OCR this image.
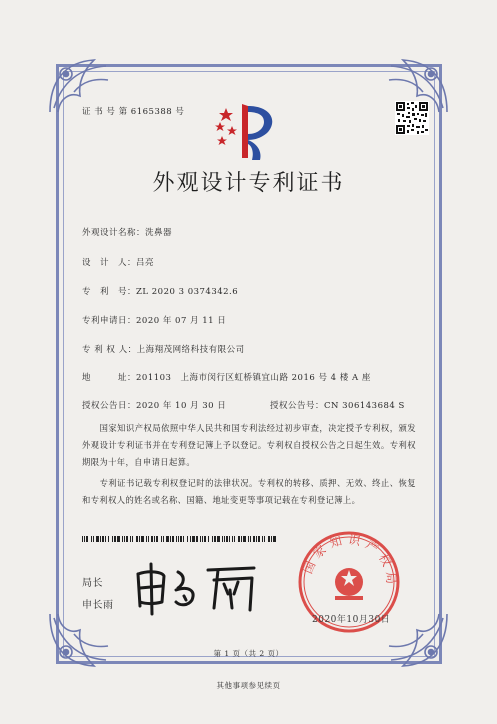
证 书 号 第 6165388 号
外观设计专利证书
外观设计名称：洗鼻器
设　计　人：吕亮
专　利　号：ZL 2020 3 0374342.6
专利申请日：2020 年 07 月 11 日
专 利 权 人：上海翔茂网络科技有限公司
地　　　址：201103　上海市闵行区虹桥镇宜山路 2016 号 4 楼 A 座
授权公告日：2020 年 10 月 30 日	授权公告号：CN 306143684 S
　　国家知识产权局依照中华人民共和国专利法经过初步审查，决定授予专利权，颁发外观设计专利证书并在专利登记簿上予以登记。专利权自授权公告之日起生效。专利权期限为十年，自申请日起算。
　　专利证书记载专利权登记时的法律状况。专利权的转移、质押、无效、终止、恢复和专利权人的姓名或名称、国籍、地址变更等事项记载在专利登记簿上。
局长
申长雨
国家知识产权局
2020年10月30日
第 1 页（共 2 页）
其他事项参见续页
